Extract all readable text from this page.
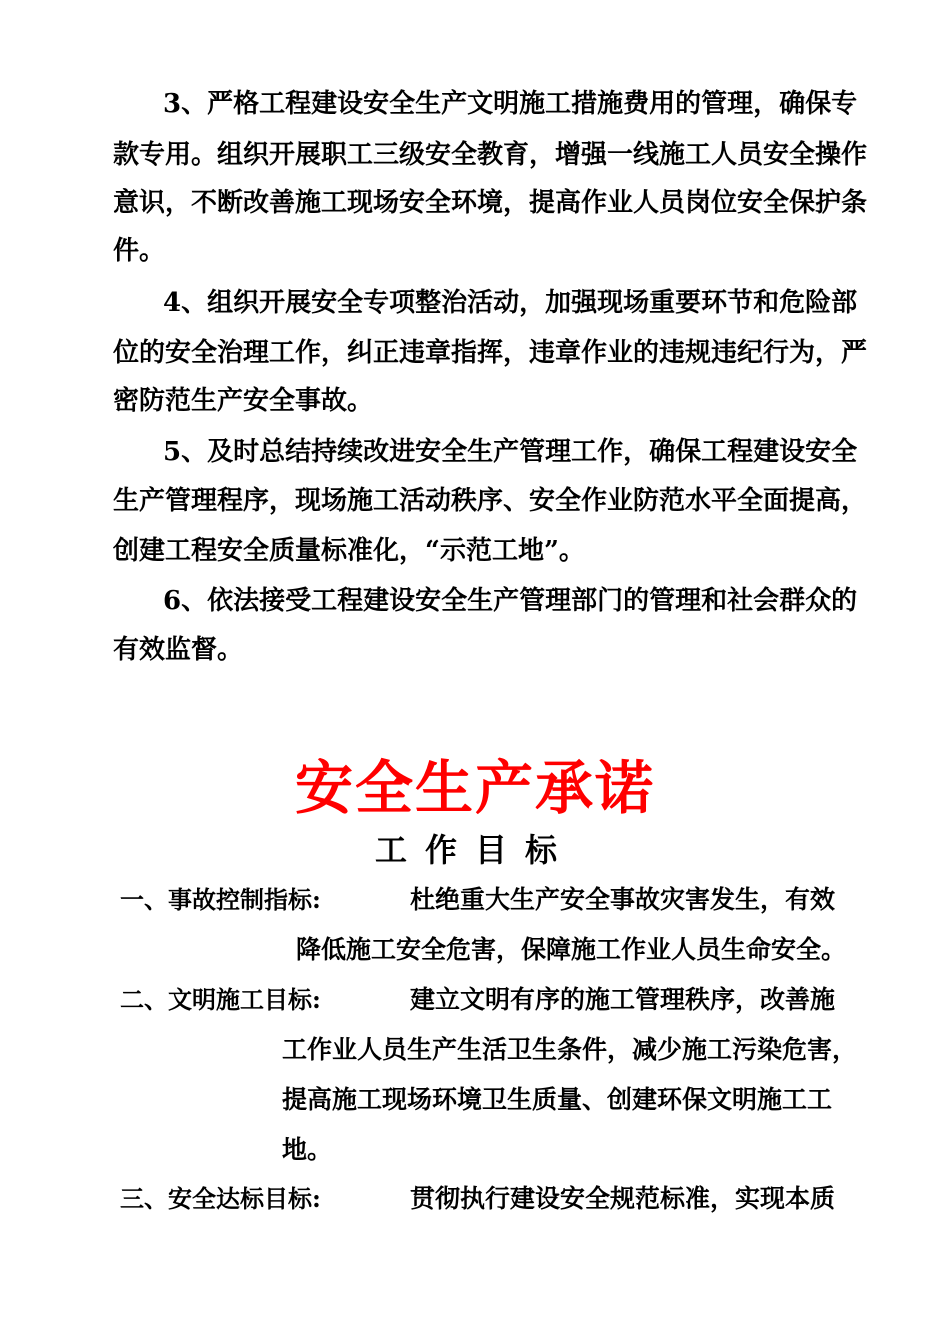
3、严格工程建设安全生产文明施工措施费用的管理，确保专
款专用。组织开展职工三级安全教育，增强一线施工人员安全操作
意识，不断改善施工现场安全环境，提高作业人员岗位安全保护条
件。
4、组织开展安全专项整治活动，加强现场重要环节和危险部
位的安全治理工作，纠正违章指挥，违章作业的违规违纪行为，严
密防范生产安全事故。
5、及时总结持续改进安全生产管理工作，确保工程建设安全
生产管理程序，现场施工活动秩序、安全作业防范水平全面提高，
创建工程安全质量标准化，“示范工地”。
6、依法接受工程建设安全生产管理部门的管理和社会群众的
有效监督。
安全生产承诺
工作目标
一、事故控制指标:	杜绝重大生产安全事故灾害发生，有效
降低施工安全危害，保障施工作业人员生命安全。
二、文明施工目标:	建立文明有序的施工管理秩序，改善施
工作业人员生产生活卫生条件，减少施工污染危害，
提高施工现场环境卫生质量、创建环保文明施工工
地。
三、安全达标目标:	贯彻执行建设安全规范标准，实现本质
